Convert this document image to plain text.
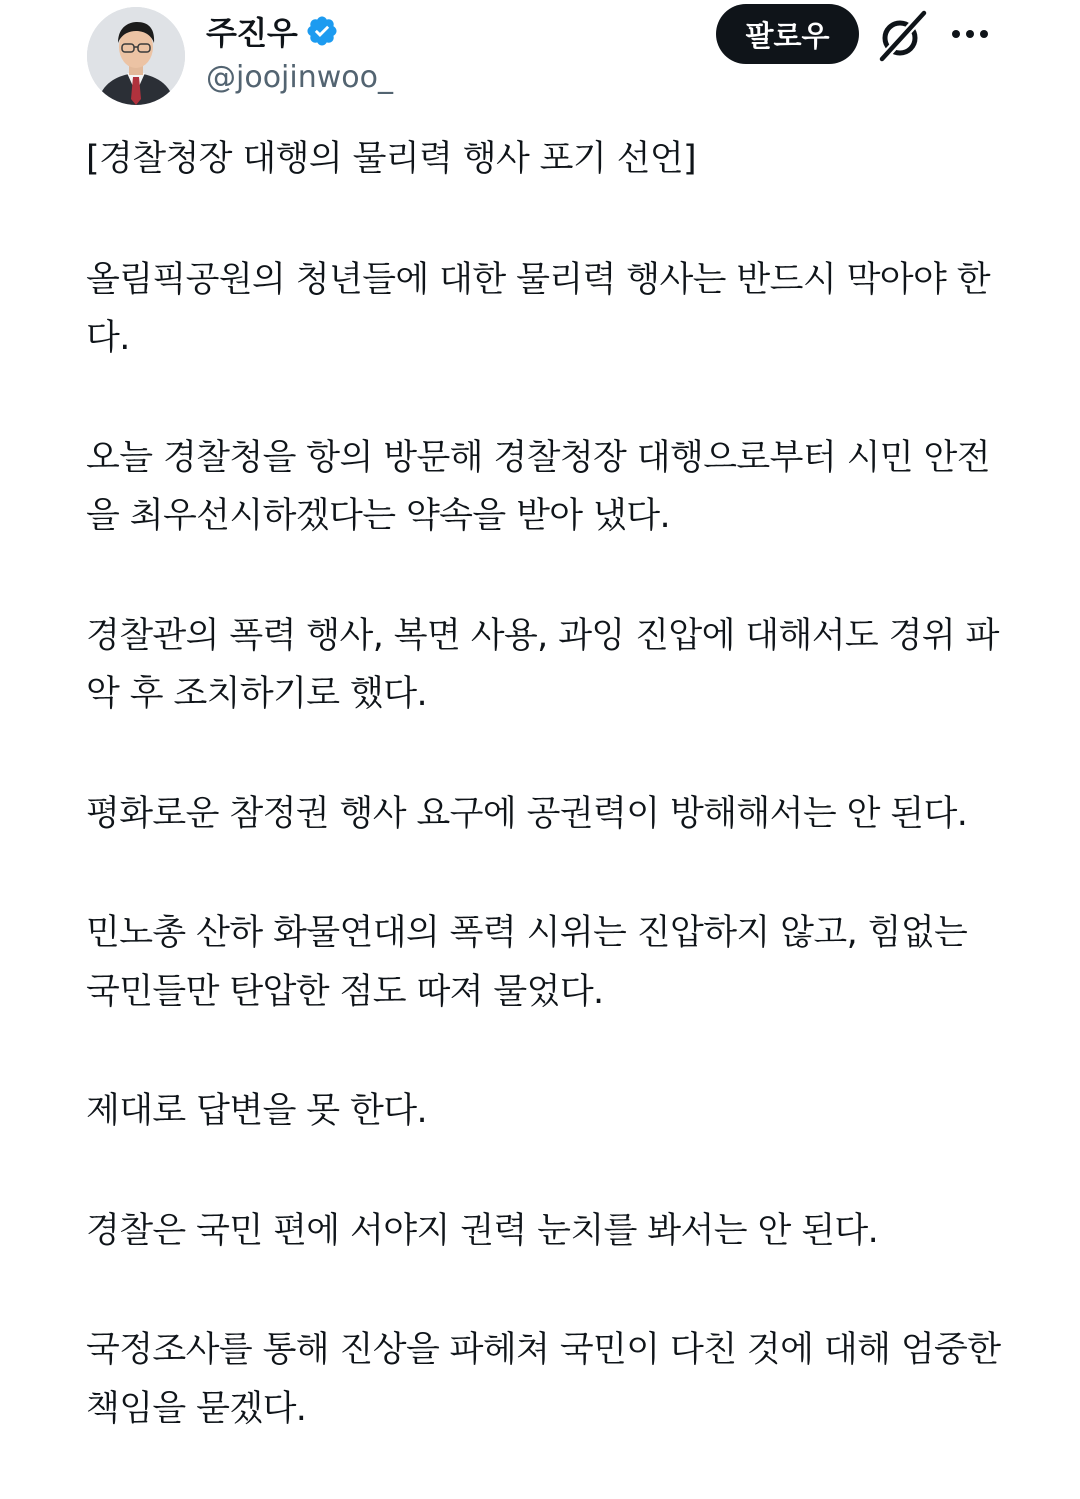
주진우
@joojinwoo_
팔로우

[경찰청장 대행의 물리력 행사 포기 선언]

올림픽공원의 청년들에 대한 물리력 행사는 반드시 막아야 한다.

오늘 경찰청을 항의 방문해 경찰청장 대행으로부터 시민 안전을 최우선시하겠다는 약속을 받아 냈다.

경찰관의 폭력 행사, 복면 사용, 과잉 진압에 대해서도 경위 파악 후 조치하기로 했다.

평화로운 참정권 행사 요구에 공권력이 방해해서는 안 된다.

민노총 산하 화물연대의 폭력 시위는 진압하지 않고, 힘없는 국민들만 탄압한 점도 따져 물었다.

제대로 답변을 못 한다.

경찰은 국민 편에 서야지 권력 눈치를 봐서는 안 된다.

국정조사를 통해 진상을 파헤쳐 국민이 다친 것에 대해 엄중한 책임을 묻겠다.
